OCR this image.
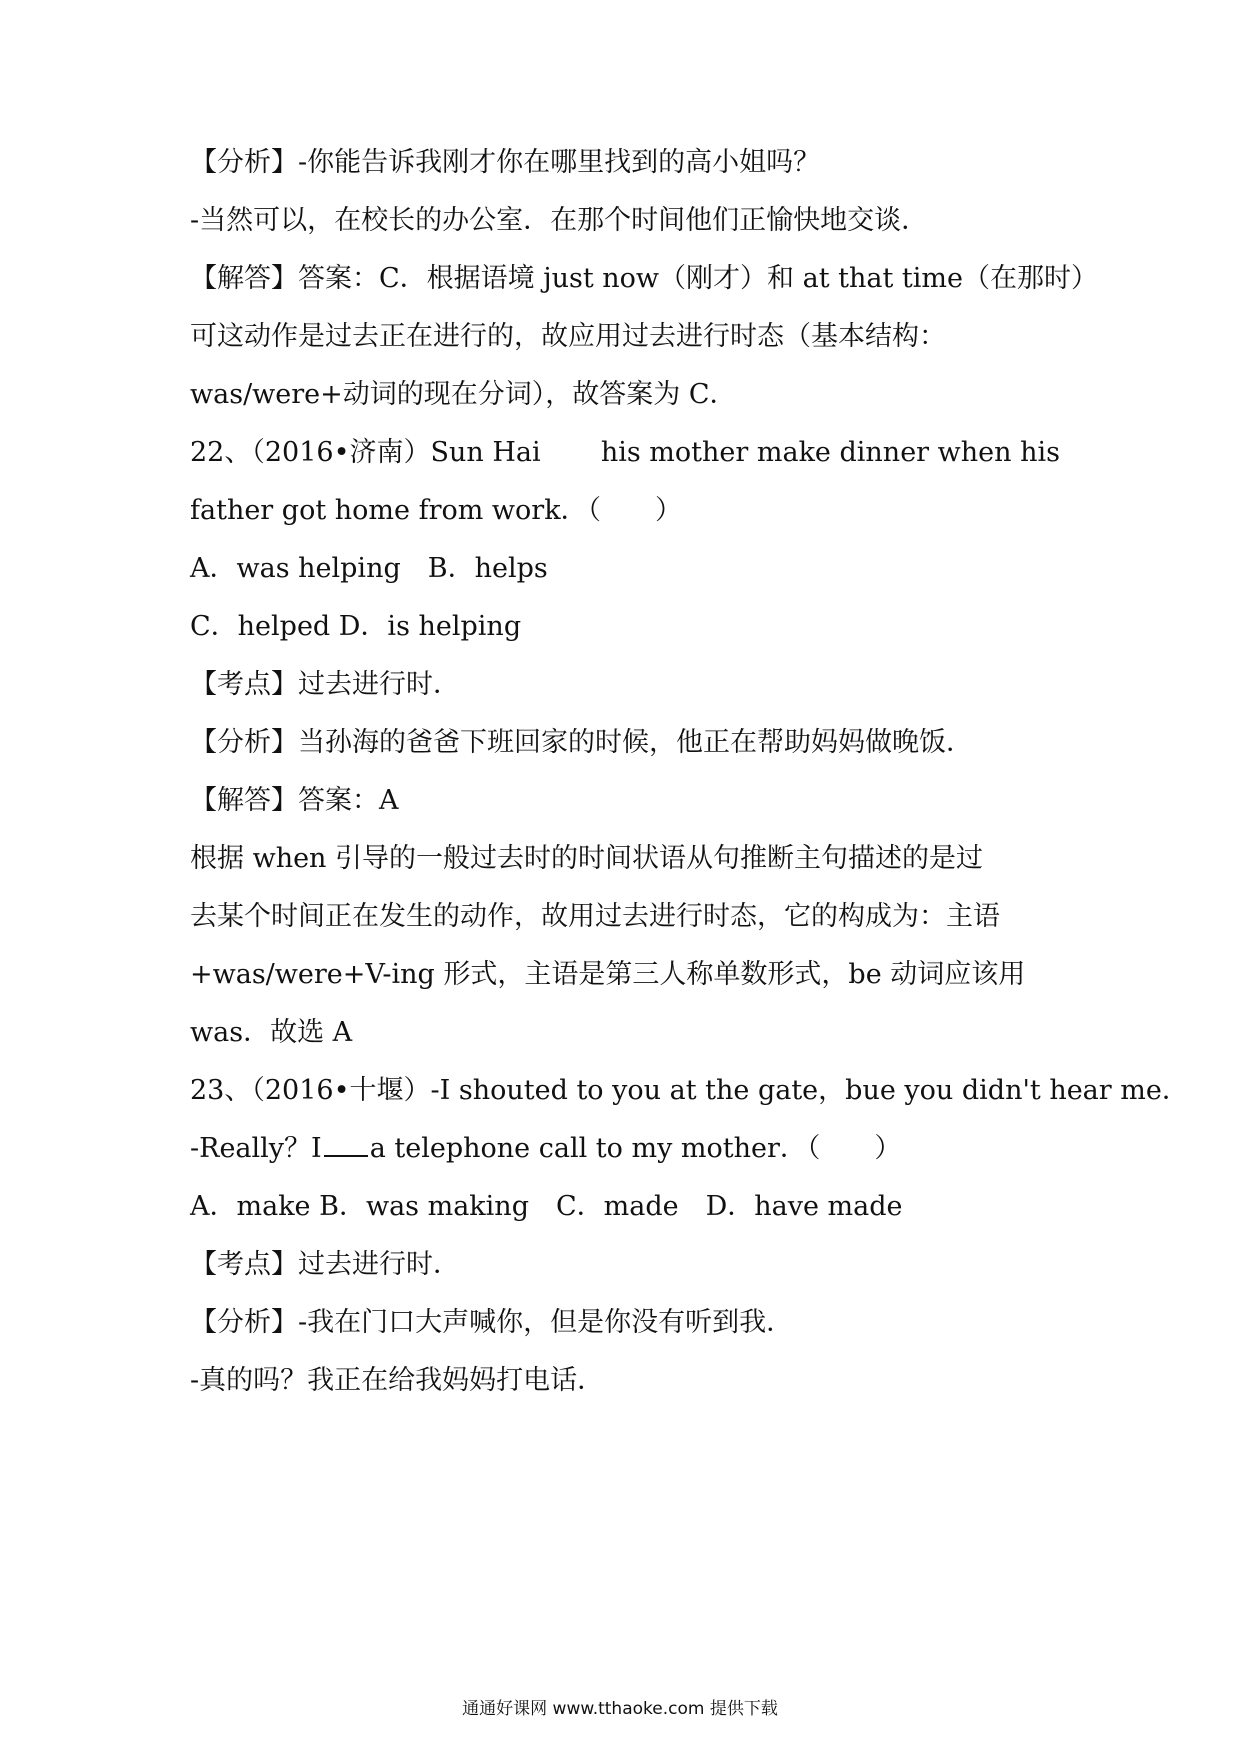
【分析】-你能告诉我刚才你在哪里找到的高小姐吗？
-当然可以，在校长的办公室．在那个时间他们正愉快地交谈．
【解答】答案：C．根据语境 just now（刚才）和 at that time（在那时）
可这动作是过去正在进行的，故应用过去进行时态（基本结构：
was/were+动词的现在分词），故答案为 C．
22、（2016•济南）Sun Hai his mother make dinner when his
father got home from work．（　　）
A．was helping　B．helps
C．helped D．is helping
【考点】过去进行时．
【分析】当孙海的爸爸下班回家的时候，他正在帮助妈妈做晚饭．
【解答】答案：A
根据 when 引导的一般过去时的时间状语从句推断主句描述的是过
去某个时间正在发生的动作，故用过去进行时态，它的构成为：主语
+was/were+V-ing 形式，主语是第三人称单数形式，be 动词应该用
was．故选 A
23、（2016•十堰）-I shouted to you at the gate，bue you didn't hear me．
-Really？I a telephone call to my mother．（　　）
A．make B．was making　C．made　D．have made
【考点】过去进行时．
【分析】-我在门口大声喊你，但是你没有听到我．
-真的吗？我正在给我妈妈打电话．
通通好课网 www.tthaoke.com 提供下载
